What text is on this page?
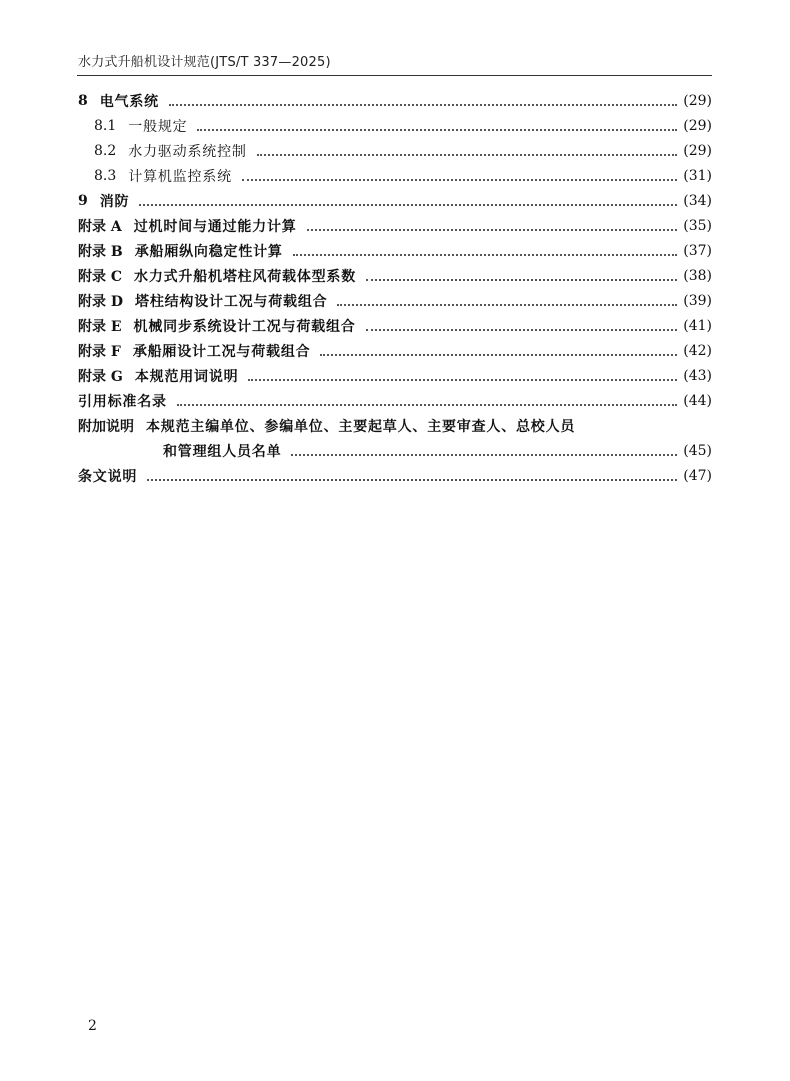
水力式升船机设计规范(JTS/T 337—2025)
8 电气系统	(29)
8.1 一般规定	(29)
8.2 水力驱动系统控制	(29)
8.3 计算机监控系统	(31)
9 消防	(34)
附录 A 过机时间与通过能力计算	(35)
附录 B 承船厢纵向稳定性计算	(37)
附录 C 水力式升船机塔柱风荷载体型系数	(38)
附录 D 塔柱结构设计工况与荷载组合	(39)
附录 E 机械同步系统设计工况与荷载组合	(41)
附录 F 承船厢设计工况与荷载组合	(42)
附录 G 本规范用词说明	(43)
引用标准名录	(44)
附加说明 本规范主编单位、参编单位、主要起草人、主要审查人、总校人员
和管理组人员名单	(45)
条文说明	(47)
2
